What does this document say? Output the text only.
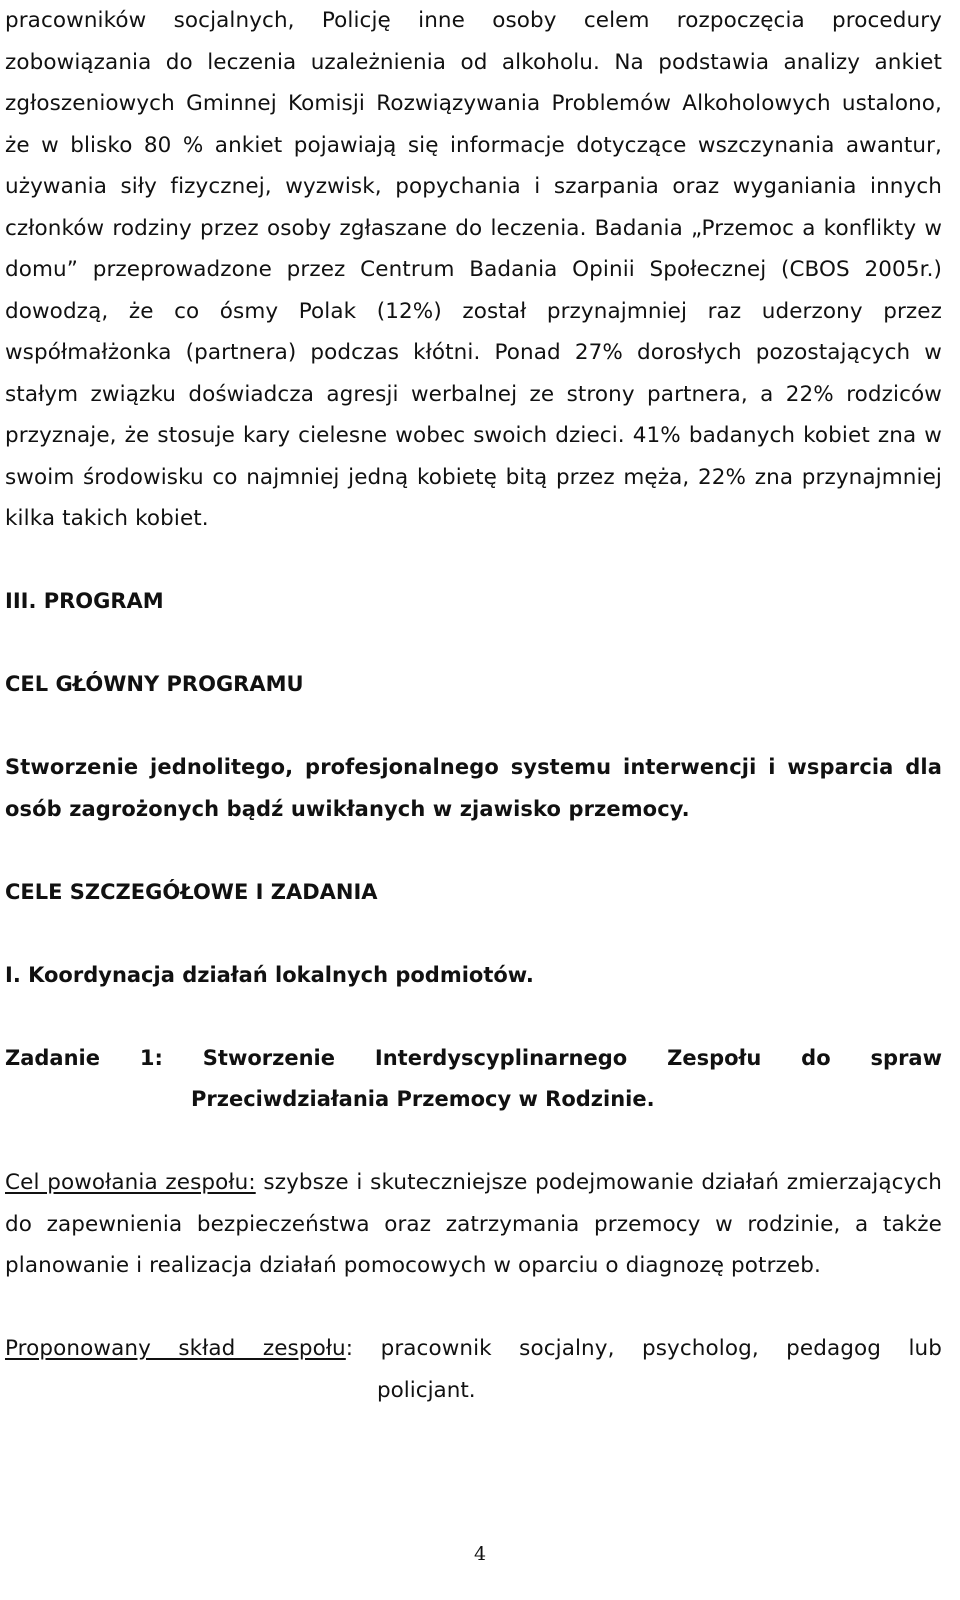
pracowników socjalnych, Policję inne osoby celem rozpoczęcia procedury zobowiązania do leczenia uzależnienia od alkoholu. Na podstawia analizy ankiet zgłoszeniowych Gminnej Komisji Rozwiązywania Problemów Alkoholowych ustalono, że w blisko 80 % ankiet pojawiają się informacje dotyczące wszczynania awantur, używania siły fizycznej, wyzwisk, popychania i szarpania oraz wyganiania innych członków rodziny przez osoby zgłaszane do leczenia. Badania „Przemoc a konflikty w domu” przeprowadzone przez Centrum Badania Opinii Społecznej (CBOS 2005r.) dowodzą, że co ósmy Polak (12%) został przynajmniej raz uderzony przez współmałżonka (partnera) podczas kłótni. Ponad 27% dorosłych pozostających w stałym związku doświadcza agresji werbalnej ze strony partnera, a 22% rodziców przyznaje, że stosuje kary cielesne wobec swoich dzieci. 41% badanych kobiet zna w swoim środowisku co najmniej jedną kobietę bitą przez męża, 22% zna przynajmniej kilka takich kobiet.

III. PROGRAM

CEL GŁÓWNY PROGRAMU

Stworzenie jednolitego, profesjonalnego systemu interwencji i wsparcia dla osób zagrożonych bądź uwikłanych w zjawisko przemocy.

CELE SZCZEGÓŁOWE I ZADANIA

I. Koordynacja działań lokalnych podmiotów.

Zadanie 1: Stworzenie Interdyscyplinarnego Zespołu do spraw

Przeciwdziałania Przemocy w Rodzinie.

Cel powołania zespołu: szybsze i skuteczniejsze podejmowanie działań zmierzających do zapewnienia bezpieczeństwa oraz zatrzymania przemocy w rodzinie, a także planowanie i realizacja działań pomocowych w oparciu o diagnozę potrzeb.

Proponowany skład zespołu: pracownik socjalny, psycholog, pedagog lub

policjant.

4
